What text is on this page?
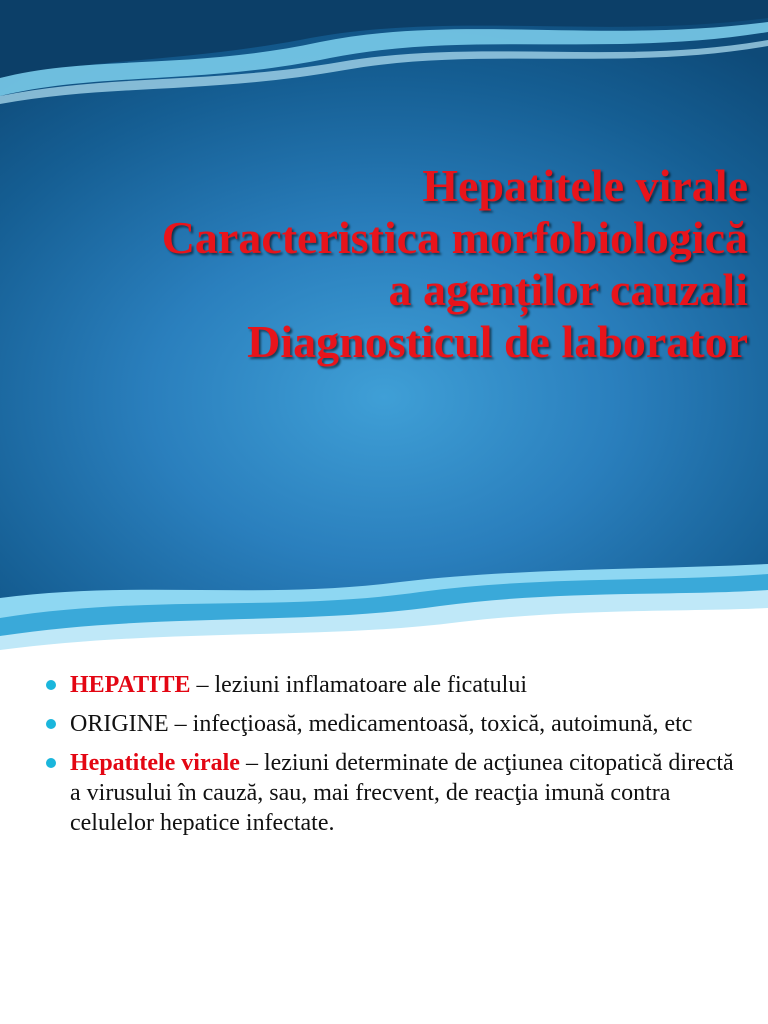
Hepatitele virale
Caracteristica morfobiologică
a agenților cauzali
Diagnosticul de laborator
HEPATITE – leziuni inflamatoare ale ficatului
ORIGINE – infecţioasă, medicamentoasă, toxică, autoimună, etc
Hepatitele virale – leziuni determinate de acţiunea citopatică directă a virusului în cauză, sau, mai frecvent, de reacţia imună contra celulelor hepatice infectate.
